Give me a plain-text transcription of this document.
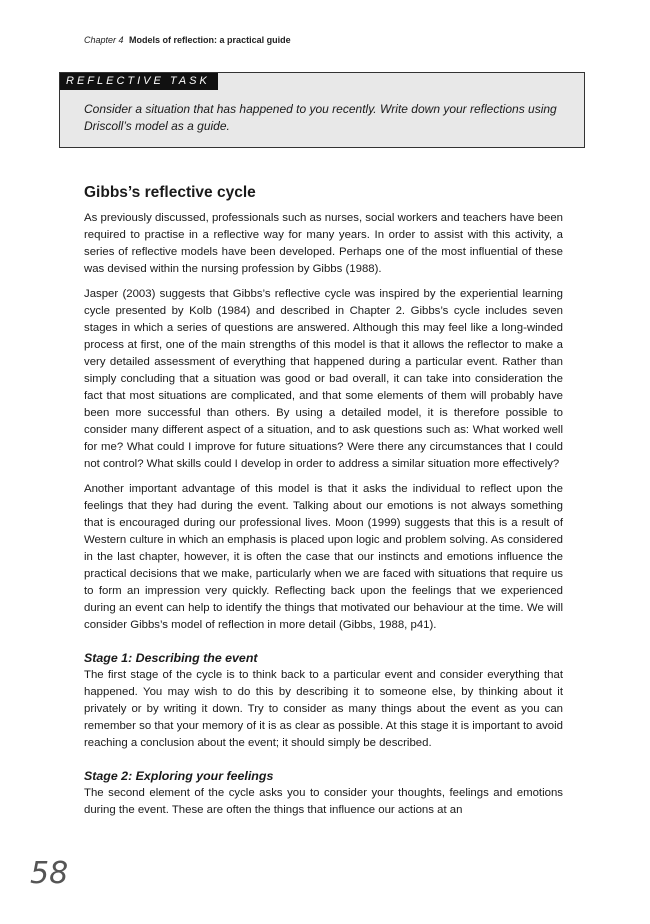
Chapter 4 Models of reflection: a practical guide
REFLECTIVE TASK
Consider a situation that has happened to you recently. Write down your reflections using Driscoll’s model as a guide.
Gibbs’s reflective cycle

As previously discussed, professionals such as nurses, social workers and teachers have been required to practise in a reflective way for many years. In order to assist with this activity, a series of reflective models have been developed. Perhaps one of the most influential of these was devised within the nursing profession by Gibbs (1988).

Jasper (2003) suggests that Gibbs’s reflective cycle was inspired by the experiential learning cycle presented by Kolb (1984) and described in Chapter 2. Gibbs’s cycle includes seven stages in which a series of questions are answered. Although this may feel like a long-winded process at first, one of the main strengths of this model is that it allows the reflector to make a very detailed assessment of everything that happened during a particular event. Rather than simply concluding that a situation was good or bad overall, it can take into consideration the fact that most situations are complicated, and that some elements of them will probably have been more successful than others. By using a detailed model, it is therefore possible to consider many different aspect of a situation, and to ask questions such as: What worked well for me? What could I improve for future situations? Were there any circumstances that I could not control? What skills could I develop in order to address a similar situation more effectively?

Another important advantage of this model is that it asks the individual to reflect upon the feelings that they had during the event. Talking about our emotions is not always something that is encouraged during our professional lives. Moon (1999) suggests that this is a result of Western culture in which an emphasis is placed upon logic and problem solving. As considered in the last chapter, however, it is often the case that our instincts and emotions influence the practical decisions that we make, particularly when we are faced with situations that require us to form an impression very quickly. Reflecting back upon the feelings that we experienced during an event can help to identify the things that motivated our behaviour at the time. We will consider Gibbs’s model of reflection in more detail (Gibbs, 1988, p41).

Stage 1: Describing the event

The first stage of the cycle is to think back to a particular event and consider everything that happened. You may wish to do this by describing it to someone else, by thinking about it privately or by writing it down. Try to consider as many things about the event as you can remember so that your memory of it is as clear as possible. At this stage it is important to avoid reaching a conclusion about the event; it should simply be described.

Stage 2: Exploring your feelings

The second element of the cycle asks you to consider your thoughts, feelings and emotions during the event. These are often the things that influence our actions at an

58
